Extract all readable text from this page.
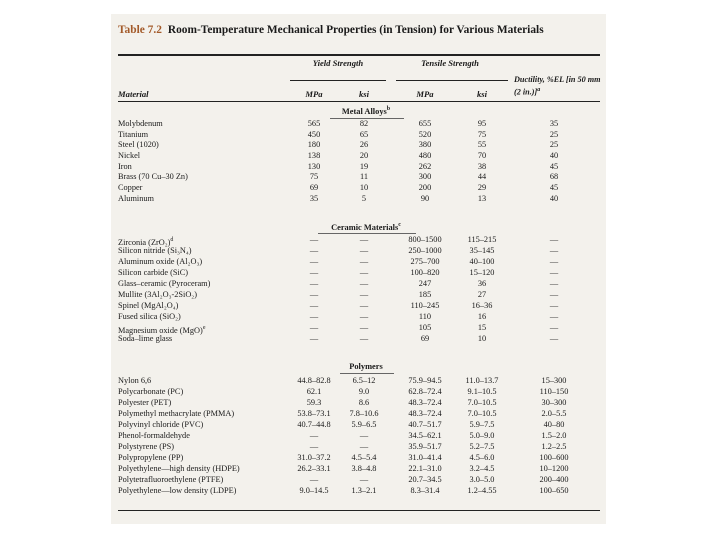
Table 7.2 Room-Temperature Mechanical Properties (in Tension) for Various Materials
Yield Strength	Tensile Strength
Ductility, %EL [in 50 mm (2 in.)]$^a$
Material	MPa	ksi	MPa	ksi
Metal Alloys$^b$
Ceramic Materials$^c$
Polymers
Molybdenum	565	82	655	95	35
Titanium	450	65	520	75	25
Steel (1020)	180	26	380	55	25
Nickel	138	20	480	70	40
Iron	130	19	262	38	45
Brass (70 Cu–30 Zn)	75	11	300	44	68
Copper	69	10	200	29	45
Aluminum	35	5	90	13	40
Zirconia $(ZrO_2)^d$	—	—	800–1500	115–215	—
Silicon nitride (Si₃N₄)	—	—	250–1000	35–145	—
Aluminum oxide (Al₂O₃)	—	—	275–700	40–100	—
Silicon carbide (SiC)	—	—	100–820	15–120	—
Glass–ceramic (Pyroceram)	—	—	247	36	—
Mullite (3Al₂O₃-2SiO₂)	—	—	185	27	—
Spinel (MgAl₂O₄)	—	—	110–245	16–36	—
Fused silica (SiO₂)	—	—	110	16	—
Magnesium oxide (MgO)$^e$	—	—	105	15	—
Soda–lime glass	—	—	69	10	—
Nylon 6,6	44.8–82.8	6.5–12	75.9–94.5	11.0–13.7	15–300
Polycarbonate (PC)	62.1	9.0	62.8–72.4	9.1–10.5	110–150
Polyester (PET)	59.3	8.6	48.3–72.4	7.0–10.5	30–300
Polymethyl methacrylate (PMMA)	53.8–73.1	7.8–10.6	48.3–72.4	7.0–10.5	2.0–5.5
Polyvinyl chloride (PVC)	40.7–44.8	5.9–6.5	40.7–51.7	5.9–7.5	40–80
Phenol-formaldehyde	—	—	34.5–62.1	5.0–9.0	1.5–2.0
Polystyrene (PS)	—	—	35.9–51.7	5.2–7.5	1.2–2.5
Polypropylene (PP)	31.0–37.2	4.5–5.4	31.0–41.4	4.5–6.0	100–600
Polyethylene—high density (HDPE)	26.2–33.1	3.8–4.8	22.1–31.0	3.2–4.5	10–1200
Polytetrafluoroethylene (PTFE)	—	—	20.7–34.5	3.0–5.0	200–400
Polyethylene—low density (LDPE)	9.0–14.5	1.3–2.1	8.3–31.4	1.2–4.55	100–650
